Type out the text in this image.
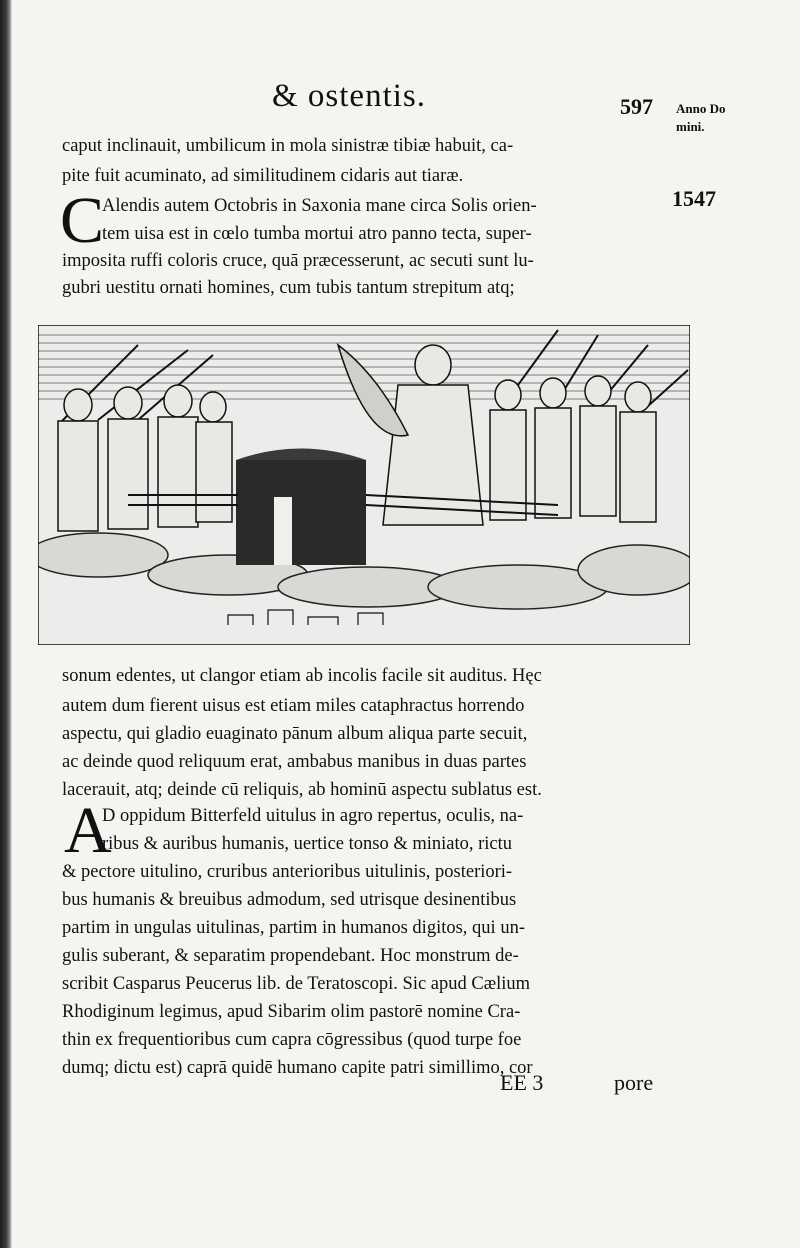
& ostentis.	597 Anno Do
mini.
1547
caput inclinauit, umbilicum in mola sinistræ tibiæ habuit, ca-
pite fuit acuminato, ad similitudinem cidaris aut tiaræ.
C
Alendis autem Octobris in Saxonia mane circa Solis orien-
tem uisa est in cœlo tumba mortui atro panno tecta, super-
imposita ruffi coloris cruce, quā præcesserunt, ac secuti sunt lu-
gubri uestitu ornati homines, cum tubis tantum strepitum atq;
sonum edentes, ut clangor etiam ab incolis facile sit auditus. Hęc
autem dum fierent uisus est etiam miles cataphractus horrendo
aspectu, qui gladio euaginato pānum album aliqua parte secuit,
ac deinde quod reliquum erat, ambabus manibus in duas partes
lacerauit, atq; deinde cū reliquis, ab hominū aspectu sublatus est.
A
D oppidum Bitterfeld uitulus in agro repertus, oculis, na-
ribus & auribus humanis, uertice tonso & miniato, rictu
& pectore uitulino, cruribus anterioribus uitulinis, posteriori-
bus humanis & breuibus admodum, sed utrisque desinentibus
partim in ungulas uitulinas, partim in humanos digitos, qui un-
gulis suberant, & separatim propendebant. Hoc monstrum de-
scribit Casparus Peucerus lib. de Teratoscopi. Sic apud Cælium
Rhodiginum legimus, apud Sibarim olim pastorē nomine Cra-
thin ex frequentioribus cum capra cōgressibus (quod turpe foe
dumq; dictu est) caprā quidē humano capite patri simillimo, cor
EE 3	pore
